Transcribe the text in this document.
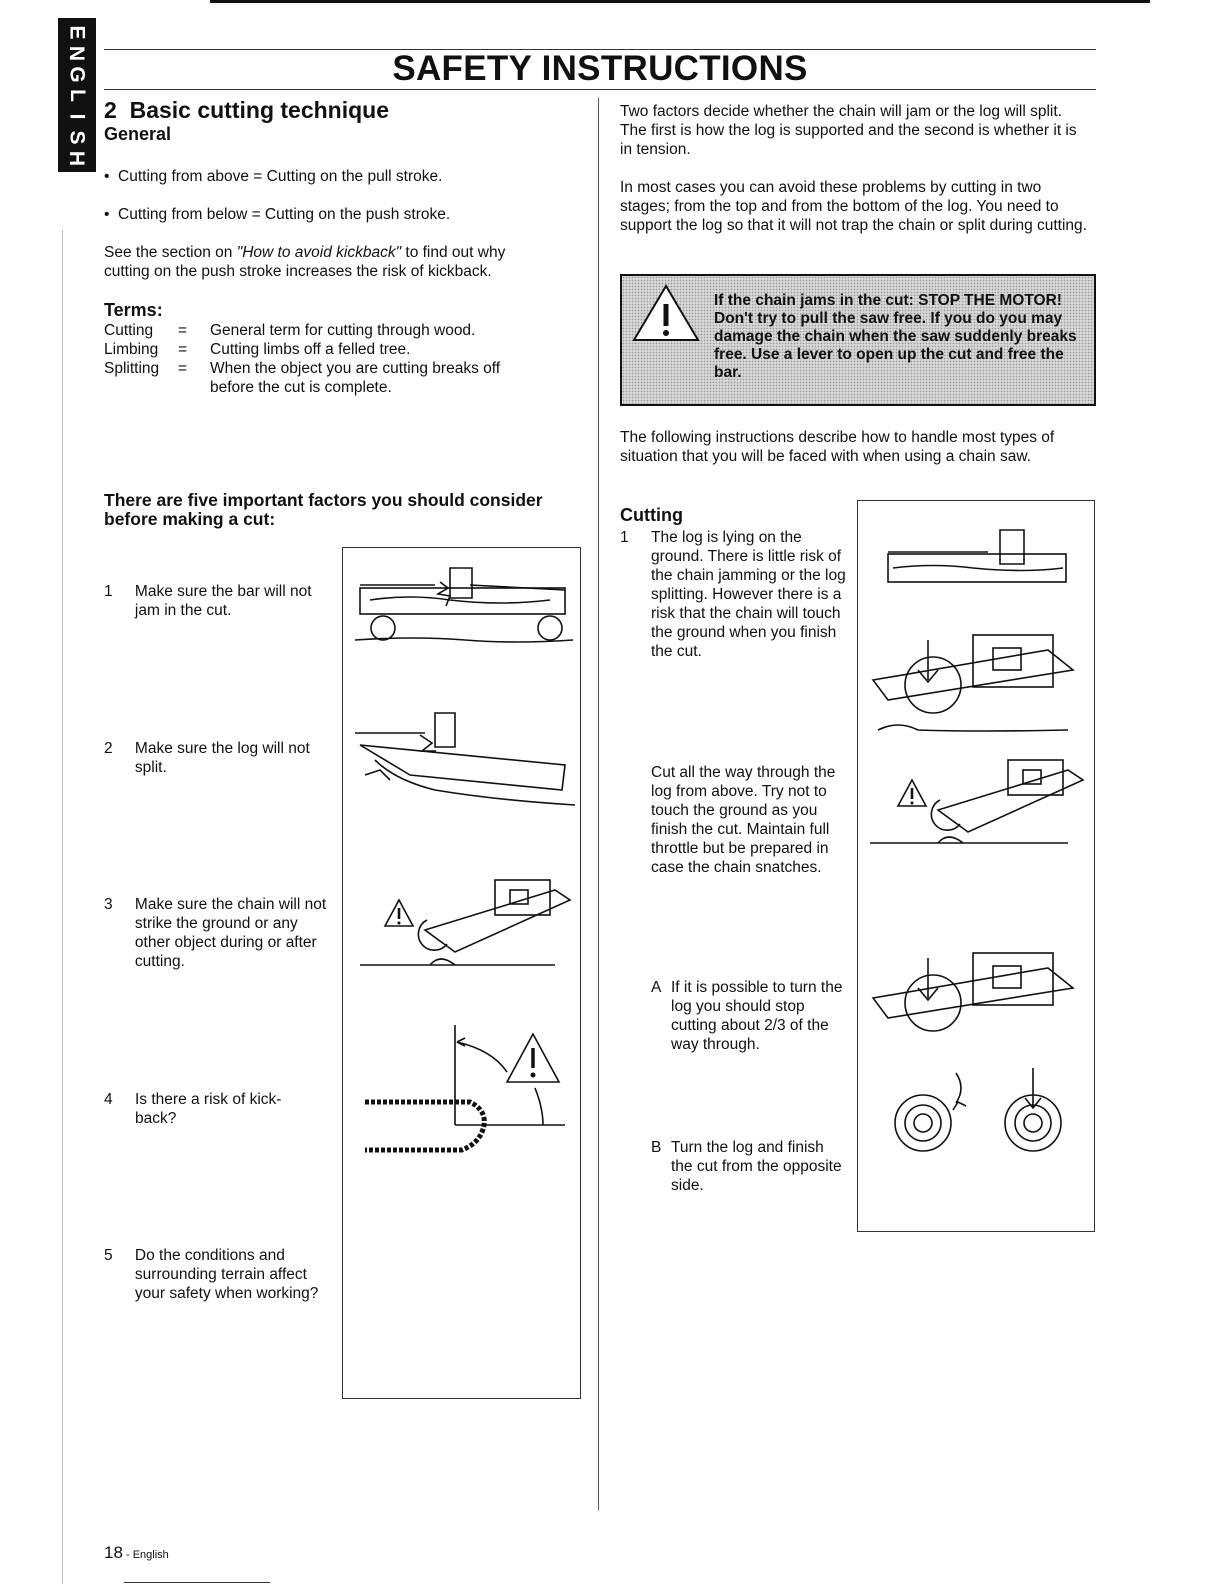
E
N
G
L
I
S
H
SAFETY INSTRUCTIONS
2 Basic cutting technique
General
•  Cutting from above = Cutting on the pull stroke.
•  Cutting from below = Cutting on the push stroke.
See the section on "How to avoid kickback" to find out why cutting on the push stroke increases the risk of kickback.
Terms:
Cutting	=	General term for cutting through wood.
Limbing	=	Cutting limbs off a felled tree.
Splitting	=	When the object you are cutting breaks off before the cut is complete.
There are five important factors you should consider before making a cut:
1	Make sure the bar will not jam in the cut.
2	Make sure the log will not split.
3	Make sure the chain will not strike the ground or any other object during or after cutting.
4	Is there a risk of kick-back?
5	Do the conditions and surrounding terrain affect your safety when working?
Two factors decide whether the chain will jam or the log will split. The first is how the log is supported and the second is whether it is in tension.
In most cases you can avoid these problems by cutting in two stages; from the top and from the bottom of the log. You need to support the log so that it will not trap the chain or split during cutting.
If the chain jams in the cut: STOP THE MOTOR! Don't try to pull the saw free. If you do you may damage the chain when the saw suddenly breaks free. Use a lever to open up the cut and free the bar.
The following instructions describe how to handle most types of situation that you will be faced with when using a chain saw.
Cutting
1	The log is lying on the ground. There is little risk of the chain jamming or the log splitting. However there is a risk that the chain will touch the ground when you finish the cut.
Cut all the way through the log from above. Try not to touch the ground as you finish the cut. Maintain full throttle but be prepared in case the chain snatches.
A If it is possible to turn the log you should stop cutting about 2/3 of the way through.
B Turn the log and finish the cut from the opposite side.
18 - English
